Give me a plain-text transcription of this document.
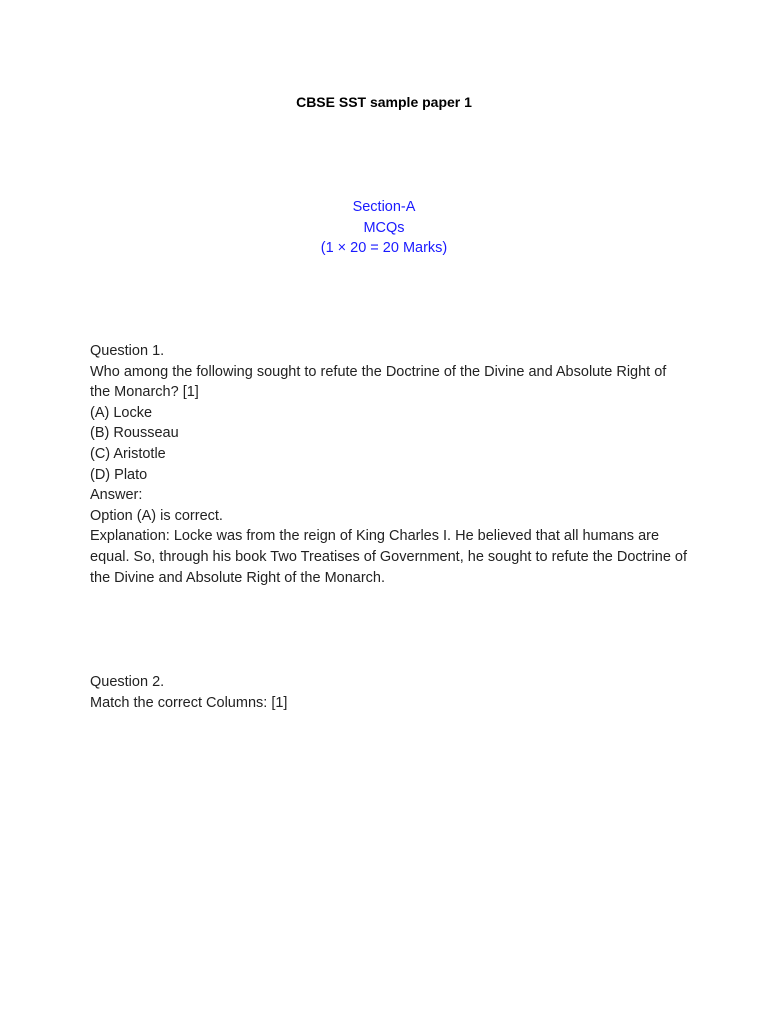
CBSE SST sample paper 1
Section-A
MCQs
(1 × 20 = 20 Marks)
Question 1.
Who among the following sought to refute the Doctrine of the Divine and Absolute Right of the Monarch? [1]
(A) Locke
(B) Rousseau
(C) Aristotle
(D) Plato
Answer:
Option (A) is correct.
Explanation: Locke was from the reign of King Charles I. He believed that all humans are equal. So, through his book Two Treatises of Government, he sought to refute the Doctrine of the Divine and Absolute Right of the Monarch.
Question 2.
Match the correct Columns: [1]
